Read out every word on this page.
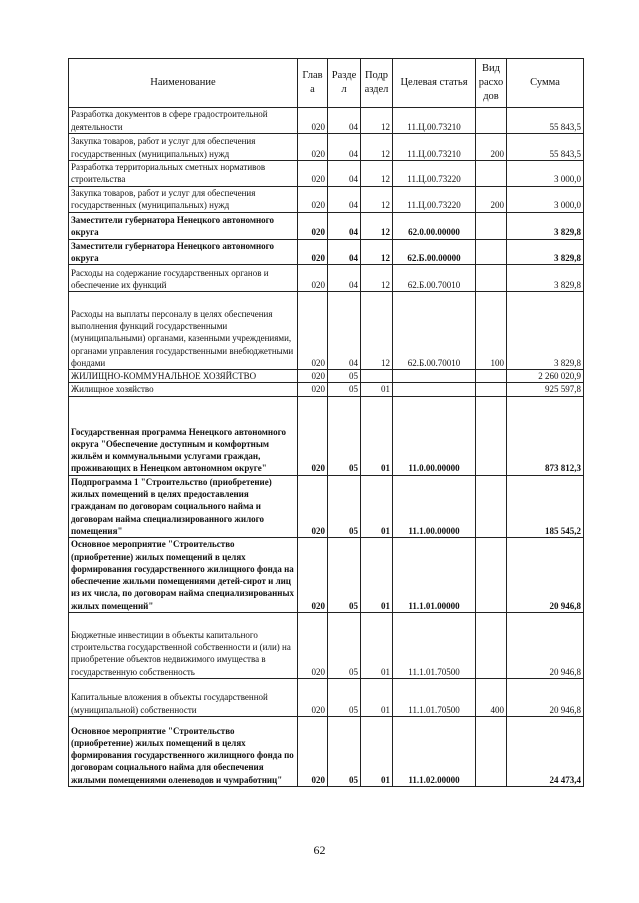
Наименование	Глав а	Разде л	Подр аздел	Целевая статья	Вид расхо дов	Сумма
Разработка документов в сфере градостроительной деятельности	020	04	12	11.Ц.00.73210		55 843,5
Закупка товаров, работ и услуг для обеспечения государственных (муниципальных) нужд	020	04	12	11.Ц.00.73210	200	55 843,5
Разработка территориальных сметных нормативов строительства	020	04	12	11.Ц.00.73220		3 000,0
Закупка товаров, работ и услуг для обеспечения государственных (муниципальных) нужд	020	04	12	11.Ц.00.73220	200	3 000,0
Заместители губернатора Ненецкого автономного округа	020	04	12	62.0.00.00000		3 829,8
Заместители губернатора Ненецкого автономного округа	020	04	12	62.Б.00.00000		3 829,8
Расходы на содержание государственных органов и обеспечение их функций	020	04	12	62.Б.00.70010		3 829,8
Расходы на выплаты персоналу в целях обеспечения выполнения функций государственными (муниципальными) органами, казенными учреждениями, органами управления государственными внебюджетными фондами	020	04	12	62.Б.00.70010	100	3 829,8
ЖИЛИЩНО-КОММУНАЛЬНОЕ ХОЗЯЙСТВО	020	05				2 260 020,9
Жилищное хозяйство	020	05	01			925 597,8
Государственная программа Ненецкого автономного округа "Обеспечение доступным и комфортным жильём и коммунальными услугами граждан, проживающих в Ненецком автономном округе"	020	05	01	11.0.00.00000		873 812,3
Подпрограмма 1 "Строительство (приобретение) жилых помещений в целях предоставления гражданам по договорам социального найма и договорам найма специализированного жилого помещения"	020	05	01	11.1.00.00000		185 545,2
Основное мероприятие "Строительство (приобретение) жилых помещений в целях формирования государственного жилищного фонда на обеспечение жильми помещениями детей-сирот и лиц из их числа, по договорам найма специализированных жилых помещений"	020	05	01	11.1.01.00000		20 946,8
Бюджетные инвестиции в объекты капитального строительства государственной собственности и (или) на приобретение объектов недвижимого имущества в государственную собственность	020	05	01	11.1.01.70500		20 946,8
Капитальные вложения в объекты государственной (муниципальной) собственности	020	05	01	11.1.01.70500	400	20 946,8
Основное мероприятие "Строительство (приобретение) жилых помещений в целях формирования государственного жилищного фонда по договорам социального найма для обеспечения жилыми помещениями оленеводов и чумработниц"	020	05	01	11.1.02.00000		24 473,4
62
